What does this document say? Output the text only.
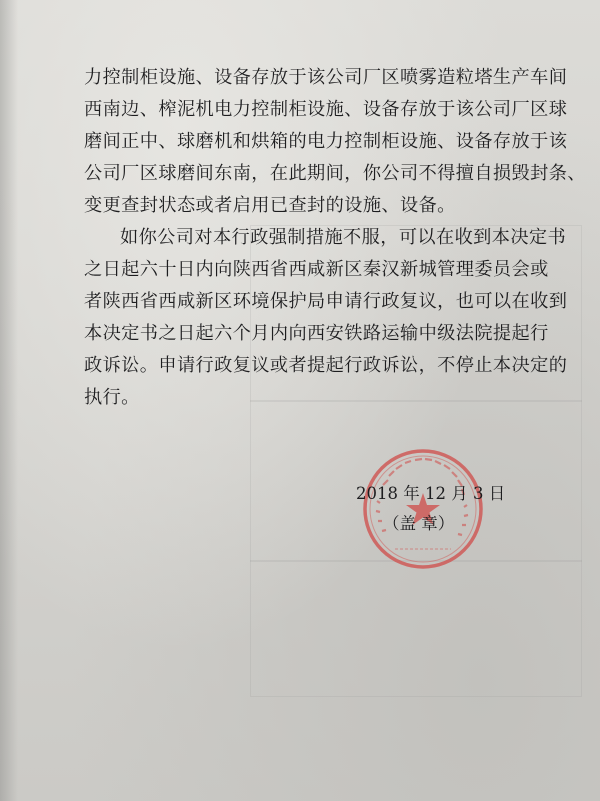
力控制柜设施、设备存放于该公司厂区喷雾造粒塔生产车间
西南边、榨泥机电力控制柜设施、设备存放于该公司厂区球
磨间正中、球磨机和烘箱的电力控制柜设施、设备存放于该
公司厂区球磨间东南，在此期间，你公司不得擅自损毁封条、
变更查封状态或者启用已查封的设施、设备。
如你公司对本行政强制措施不服，可以在收到本决定书
之日起六十日内向陕西省西咸新区秦汉新城管理委员会或
者陕西省西咸新区环境保护局申请行政复议，也可以在收到
本决定书之日起六个月内向西安铁路运输中级法院提起行
政诉讼。申请行政复议或者提起行政诉讼，不停止本决定的
执行。
2018 年 12 月 3 日
（盖 章）
